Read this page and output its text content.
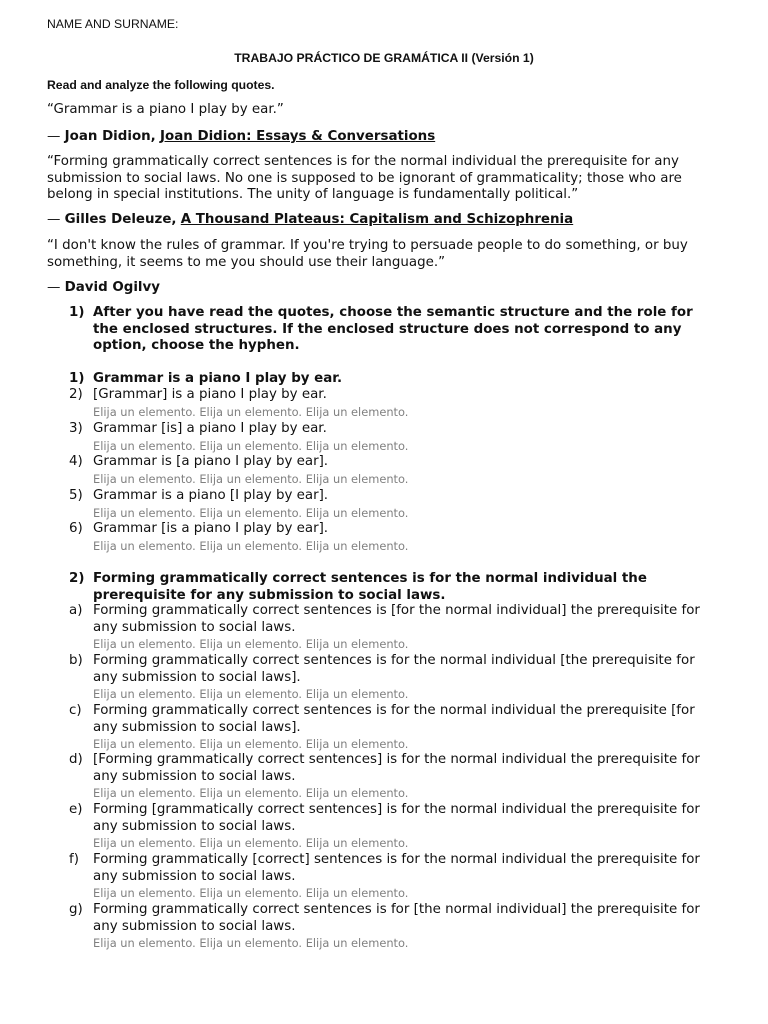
NAME AND SURNAME:
TRABAJO PRÁCTICO DE GRAMÁTICA II (Versión 1)
Read and analyze the following quotes.
“Grammar is a piano I play by ear.”
— Joan Didion, Joan Didion: Essays & Conversations
“Forming grammatically correct sentences is for the normal individual the prerequisite for any submission to social laws. No one is supposed to be ignorant of grammaticality; those who are belong in special institutions. The unity of language is fundamentally political.”
— Gilles Deleuze, A Thousand Plateaus: Capitalism and Schizophrenia
“I don't know the rules of grammar. If you're trying to persuade people to do something, or buy something, it seems to me you should use their language.”
— David Ogilvy
1) After you have read the quotes, choose the semantic structure and the role for the enclosed structures. If the enclosed structure does not correspond to any option, choose the hyphen.
1) Grammar is a piano I play by ear.
2) [Grammar] is a piano I play by ear.
Elija un elemento. Elija un elemento. Elija un elemento.
3) Grammar [is] a piano I play by ear.
Elija un elemento. Elija un elemento. Elija un elemento.
4) Grammar is [a piano I play by ear].
Elija un elemento. Elija un elemento. Elija un elemento.
5) Grammar is a piano [I play by ear].
Elija un elemento. Elija un elemento. Elija un elemento.
6) Grammar [is a piano I play by ear].
Elija un elemento. Elija un elemento. Elija un elemento.
2) Forming grammatically correct sentences is for the normal individual the prerequisite for any submission to social laws.
a) Forming grammatically correct sentences is [for the normal individual] the prerequisite for any submission to social laws.
Elija un elemento. Elija un elemento. Elija un elemento.
b) Forming grammatically correct sentences is for the normal individual [the prerequisite for any submission to social laws].
Elija un elemento. Elija un elemento. Elija un elemento.
c) Forming grammatically correct sentences is for the normal individual the prerequisite [for any submission to social laws].
Elija un elemento. Elija un elemento. Elija un elemento.
d) [Forming grammatically correct sentences] is for the normal individual the prerequisite for any submission to social laws.
Elija un elemento. Elija un elemento. Elija un elemento.
e) Forming [grammatically correct sentences] is for the normal individual the prerequisite for any submission to social laws.
Elija un elemento. Elija un elemento. Elija un elemento.
f) Forming grammatically [correct] sentences is for the normal individual the prerequisite for any submission to social laws.
Elija un elemento. Elija un elemento. Elija un elemento.
g) Forming grammatically correct sentences is for [the normal individual] the prerequisite for any submission to social laws.
Elija un elemento. Elija un elemento. Elija un elemento.
